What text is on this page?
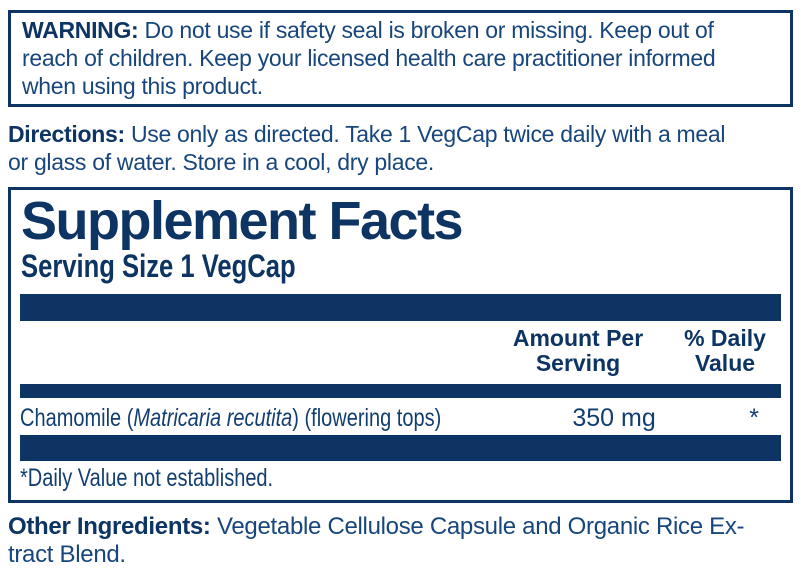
WARNING: Do not use if safety seal is broken or missing. Keep out of
reach of children. Keep your licensed health care practitioner informed
when using this product.

Directions: Use only as directed. Take 1 VegCap twice daily with a meal
or glass of water. Store in a cool, dry place.

Supplement Facts
Serving Size 1 VegCap
Amount Per
Serving
% Daily
Value
Chamomile (Matricaria recutita) (flowering tops)	350 mg	*

*Daily Value not established.

Other Ingredients: Vegetable Cellulose Capsule and Organic Rice Ex-
tract Blend.
